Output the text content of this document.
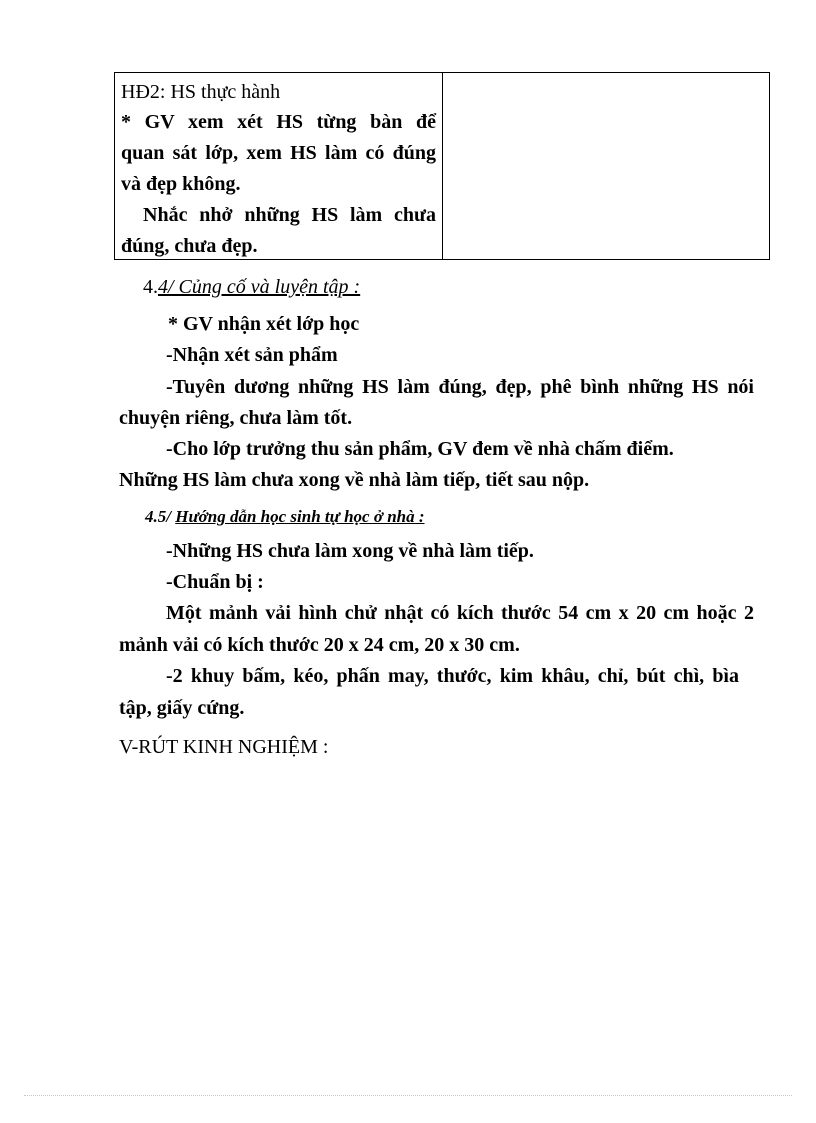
HĐ2: HS thực hành
* GV xem xét HS từng bàn để
quan sát lớp, xem HS làm có đúng
và đẹp không.
Nhắc nhở những HS làm chưa
đúng, chưa đẹp.
4.4/ Củng cố và luyện tập :
* GV nhận xét lớp học
-Nhận xét sản phẩm
-Tuyên dương những HS làm đúng, đẹp, phê bình những HS nói
chuyện riêng, chưa làm tốt.
-Cho lớp trưởng thu sản phẩm, GV đem về nhà chấm điểm.
Những HS làm chưa xong về nhà làm tiếp, tiết sau nộp.
4.5/ Hướng dẫn học sinh tự học ở nhà :
-Những HS chưa làm xong về nhà làm tiếp.
-Chuẩn bị :
Một mảnh vải hình chử nhật có kích thước 54 cm x 20 cm hoặc 2
mảnh vải có kích thước 20 x 24 cm, 20 x 30 cm.
-2 khuy bấm, kéo, phấn may, thước, kim khâu, chỉ, bút chì, bìa
tập, giấy cứng.
V-RÚT KINH NGHIỆM :
